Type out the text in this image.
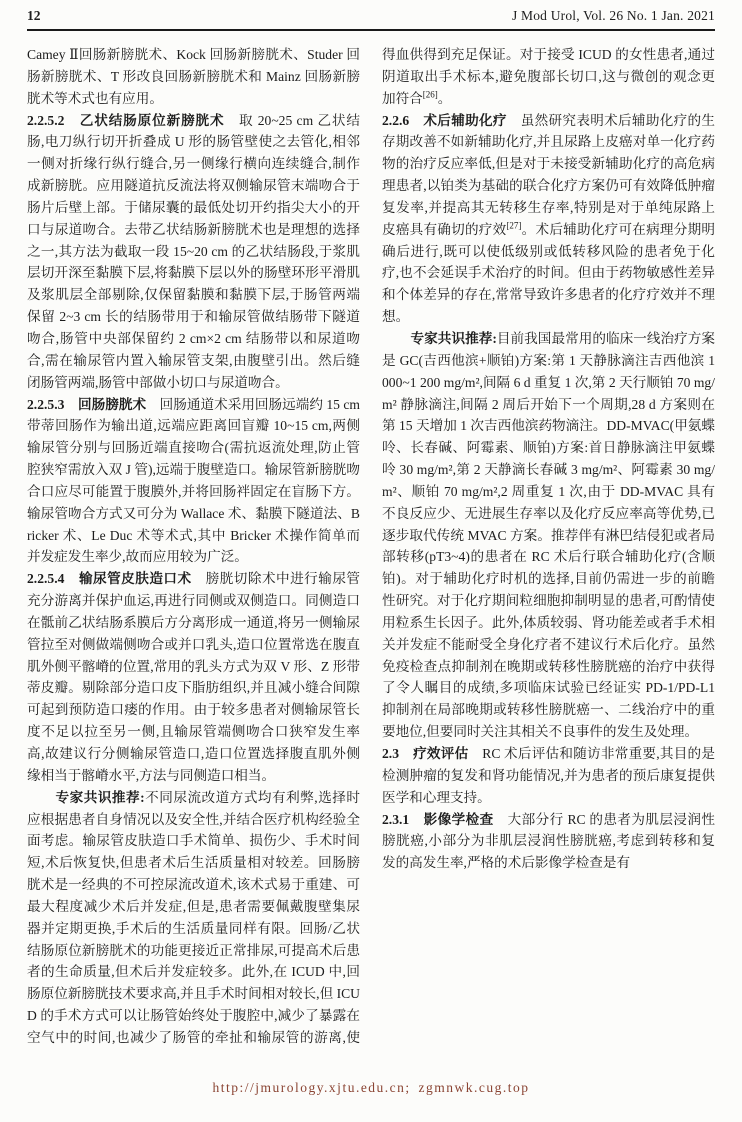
12	J Mod Urol, Vol. 26 No. 1 Jan. 2021

Camey Ⅱ回肠新膀胱术、Kock 回肠新膀胱术、Studer 回肠新膀胱术、T 形改良回肠新膀胱术和 Mainz 回肠新膀胱术等术式也有应用。

2.2.5.2　乙状结肠原位新膀胱术　取 20~25 cm 乙状结肠,电刀纵行切开折叠成 U 形的肠管壁使之去管化,相邻一侧对折缘行纵行缝合,另一侧缘行横向连续缝合,制作成新膀胱。应用隧道抗反流法将双侧输尿管末端吻合于肠片后壁上部。于储尿囊的最低处切开约指尖大小的开口与尿道吻合。去带乙状结肠新膀胱术也是理想的选择之一,其方法为截取一段 15~20 cm 的乙状结肠段,于浆肌层切开深至黏膜下层,将黏膜下层以外的肠壁环形平滑肌及浆肌层全部剔除,仅保留黏膜和黏膜下层,于肠管两端保留 2~3 cm 长的结肠带用于和输尿管做结肠带下隧道吻合,肠管中央部保留约 2 cm×2 cm 结肠带以和尿道吻合,需在输尿管内置入输尿管支架,由腹壁引出。然后缝闭肠管两端,肠管中部做小切口与尿道吻合。

2.2.5.3　回肠膀胱术　回肠通道术采用回肠远端约 15 cm 带蒂回肠作为输出道,远端应距离回盲瓣 10~15 cm,两侧输尿管分别与回肠近端直接吻合(需抗返流处理,防止管腔狭窄需放入双 J 管),远端于腹壁造口。输尿管新膀胱吻合口应尽可能置于腹膜外,并将回肠袢固定在盲肠下方。输尿管吻合方式又可分为 Wallace 术、黏膜下隧道法、Bricker 术、Le Duc 术等术式,其中 Bricker 术操作简单而并发症发生率少,故而应用较为广泛。

2.2.5.4　输尿管皮肤造口术　膀胱切除术中进行输尿管充分游离并保护血运,再进行同侧或双侧造口。同侧造口在骶前乙状结肠系膜后方分离形成一通道,将另一侧输尿管拉至对侧做端侧吻合或并口乳头,造口位置常选在腹直肌外侧平髂嵴的位置,常用的乳头方式为双 V 形、Z 形带蒂皮瓣。剔除部分造口皮下脂肪组织,并且减小缝合间隙可起到预防造口瘘的作用。由于较多患者对侧输尿管长度不足以拉至另一侧,且输尿管端侧吻合口狭窄发生率高,故建议行分侧输尿管造口,造口位置选择腹直肌外侧缘相当于髂嵴水平,方法与同侧造口相当。

专家共识推荐:不同尿流改道方式均有利弊,选择时应根据患者自身情况以及安全性,并结合医疗机构经验全面考虑。输尿管皮肤造口手术简单、损伤少、手术时间短,术后恢复快,但患者术后生活质量相对较差。回肠膀胱术是一经典的不可控尿流改道术,该术式易于重建、可最大程度减少术后并发症,但是,患者需要佩戴腹壁集尿器并定期更换,手术后的生活质量同样有限。回肠/乙状结肠原位新膀胱术的功能更接近正常排尿,可提高术后患者的生命质量,但术后并发症较多。此外,在 ICUD 中,回肠原位新膀胱技术要求高,并且手术时间相对较长,但 ICUD 的手术方式可以让肠管始终处于腹腔中,减少了暴露在空气中的时间,也减少了肠管的牵扯和输尿管的游离,使得血供得到充足保证。对于接受 ICUD 的女性患者,通过阴道取出手术标本,避免腹部长切口,这与微创的观念更加符合[26]。

2.2.6　术后辅助化疗　虽然研究表明术后辅助化疗的生存期改善不如新辅助化疗,并且尿路上皮癌对单一化疗药物的治疗反应率低,但是对于未接受新辅助化疗的高危病理患者,以铂类为基础的联合化疗方案仍可有效降低肿瘤复发率,并提高其无转移生存率,特别是对于单纯尿路上皮癌具有确切的疗效[27]。术后辅助化疗可在病理分期明确后进行,既可以使低级别或低转移风险的患者免于化疗,也不会延误手术治疗的时间。但由于药物敏感性差异和个体差异的存在,常常导致许多患者的化疗疗效并不理想。

专家共识推荐:目前我国最常用的临床一线治疗方案是 GC(吉西他滨+顺铂)方案:第 1 天静脉滴注吉西他滨 1 000~1 200 mg/m²,间隔 6 d 重复 1 次,第 2 天行顺铂 70 mg/m² 静脉滴注,间隔 2 周后开始下一个周期,28 d 方案则在第 15 天增加 1 次吉西他滨药物滴注。DD-MVAC(甲氨蝶呤、长春碱、阿霉素、顺铂)方案:首日静脉滴注甲氨蝶呤 30 mg/m²,第 2 天静滴长春碱 3 mg/m²、阿霉素 30 mg/m²、顺铂 70 mg/m²,2 周重复 1 次,由于 DD-MVAC 具有不良反应少、无进展生存率以及化疗反应率高等优势,已逐步取代传统 MVAC 方案。推荐伴有淋巴结侵犯或者局部转移(pT3~4)的患者在 RC 术后行联合辅助化疗(含顺铂)。对于辅助化疗时机的选择,目前仍需进一步的前瞻性研究。对于化疗期间粒细胞抑制明显的患者,可酌情使用粒系生长因子。此外,体质较弱、肾功能差或者手术相关并发症不能耐受全身化疗者不建议行术后化疗。虽然免疫检查点抑制剂在晚期或转移性膀胱癌的治疗中获得了令人瞩目的成绩,多项临床试验已经证实 PD-1/PD-L1 抑制剂在局部晚期或转移性膀胱癌一、二线治疗中的重要地位,但要同时关注其相关不良事件的发生及处理。

2.3　疗效评估　RC 术后评估和随访非常重要,其目的是检测肿瘤的复发和肾功能情况,并为患者的预后康复提供医学和心理支持。

2.3.1　影像学检查　大部分行 RC 的患者为肌层浸润性膀胱癌,小部分为非肌层浸润性膀胱癌,考虑到转移和复发的高发生率,严格的术后影像学检查是有

http://jmurology.xjtu.edu.cn; zgmnwk.cug.top
